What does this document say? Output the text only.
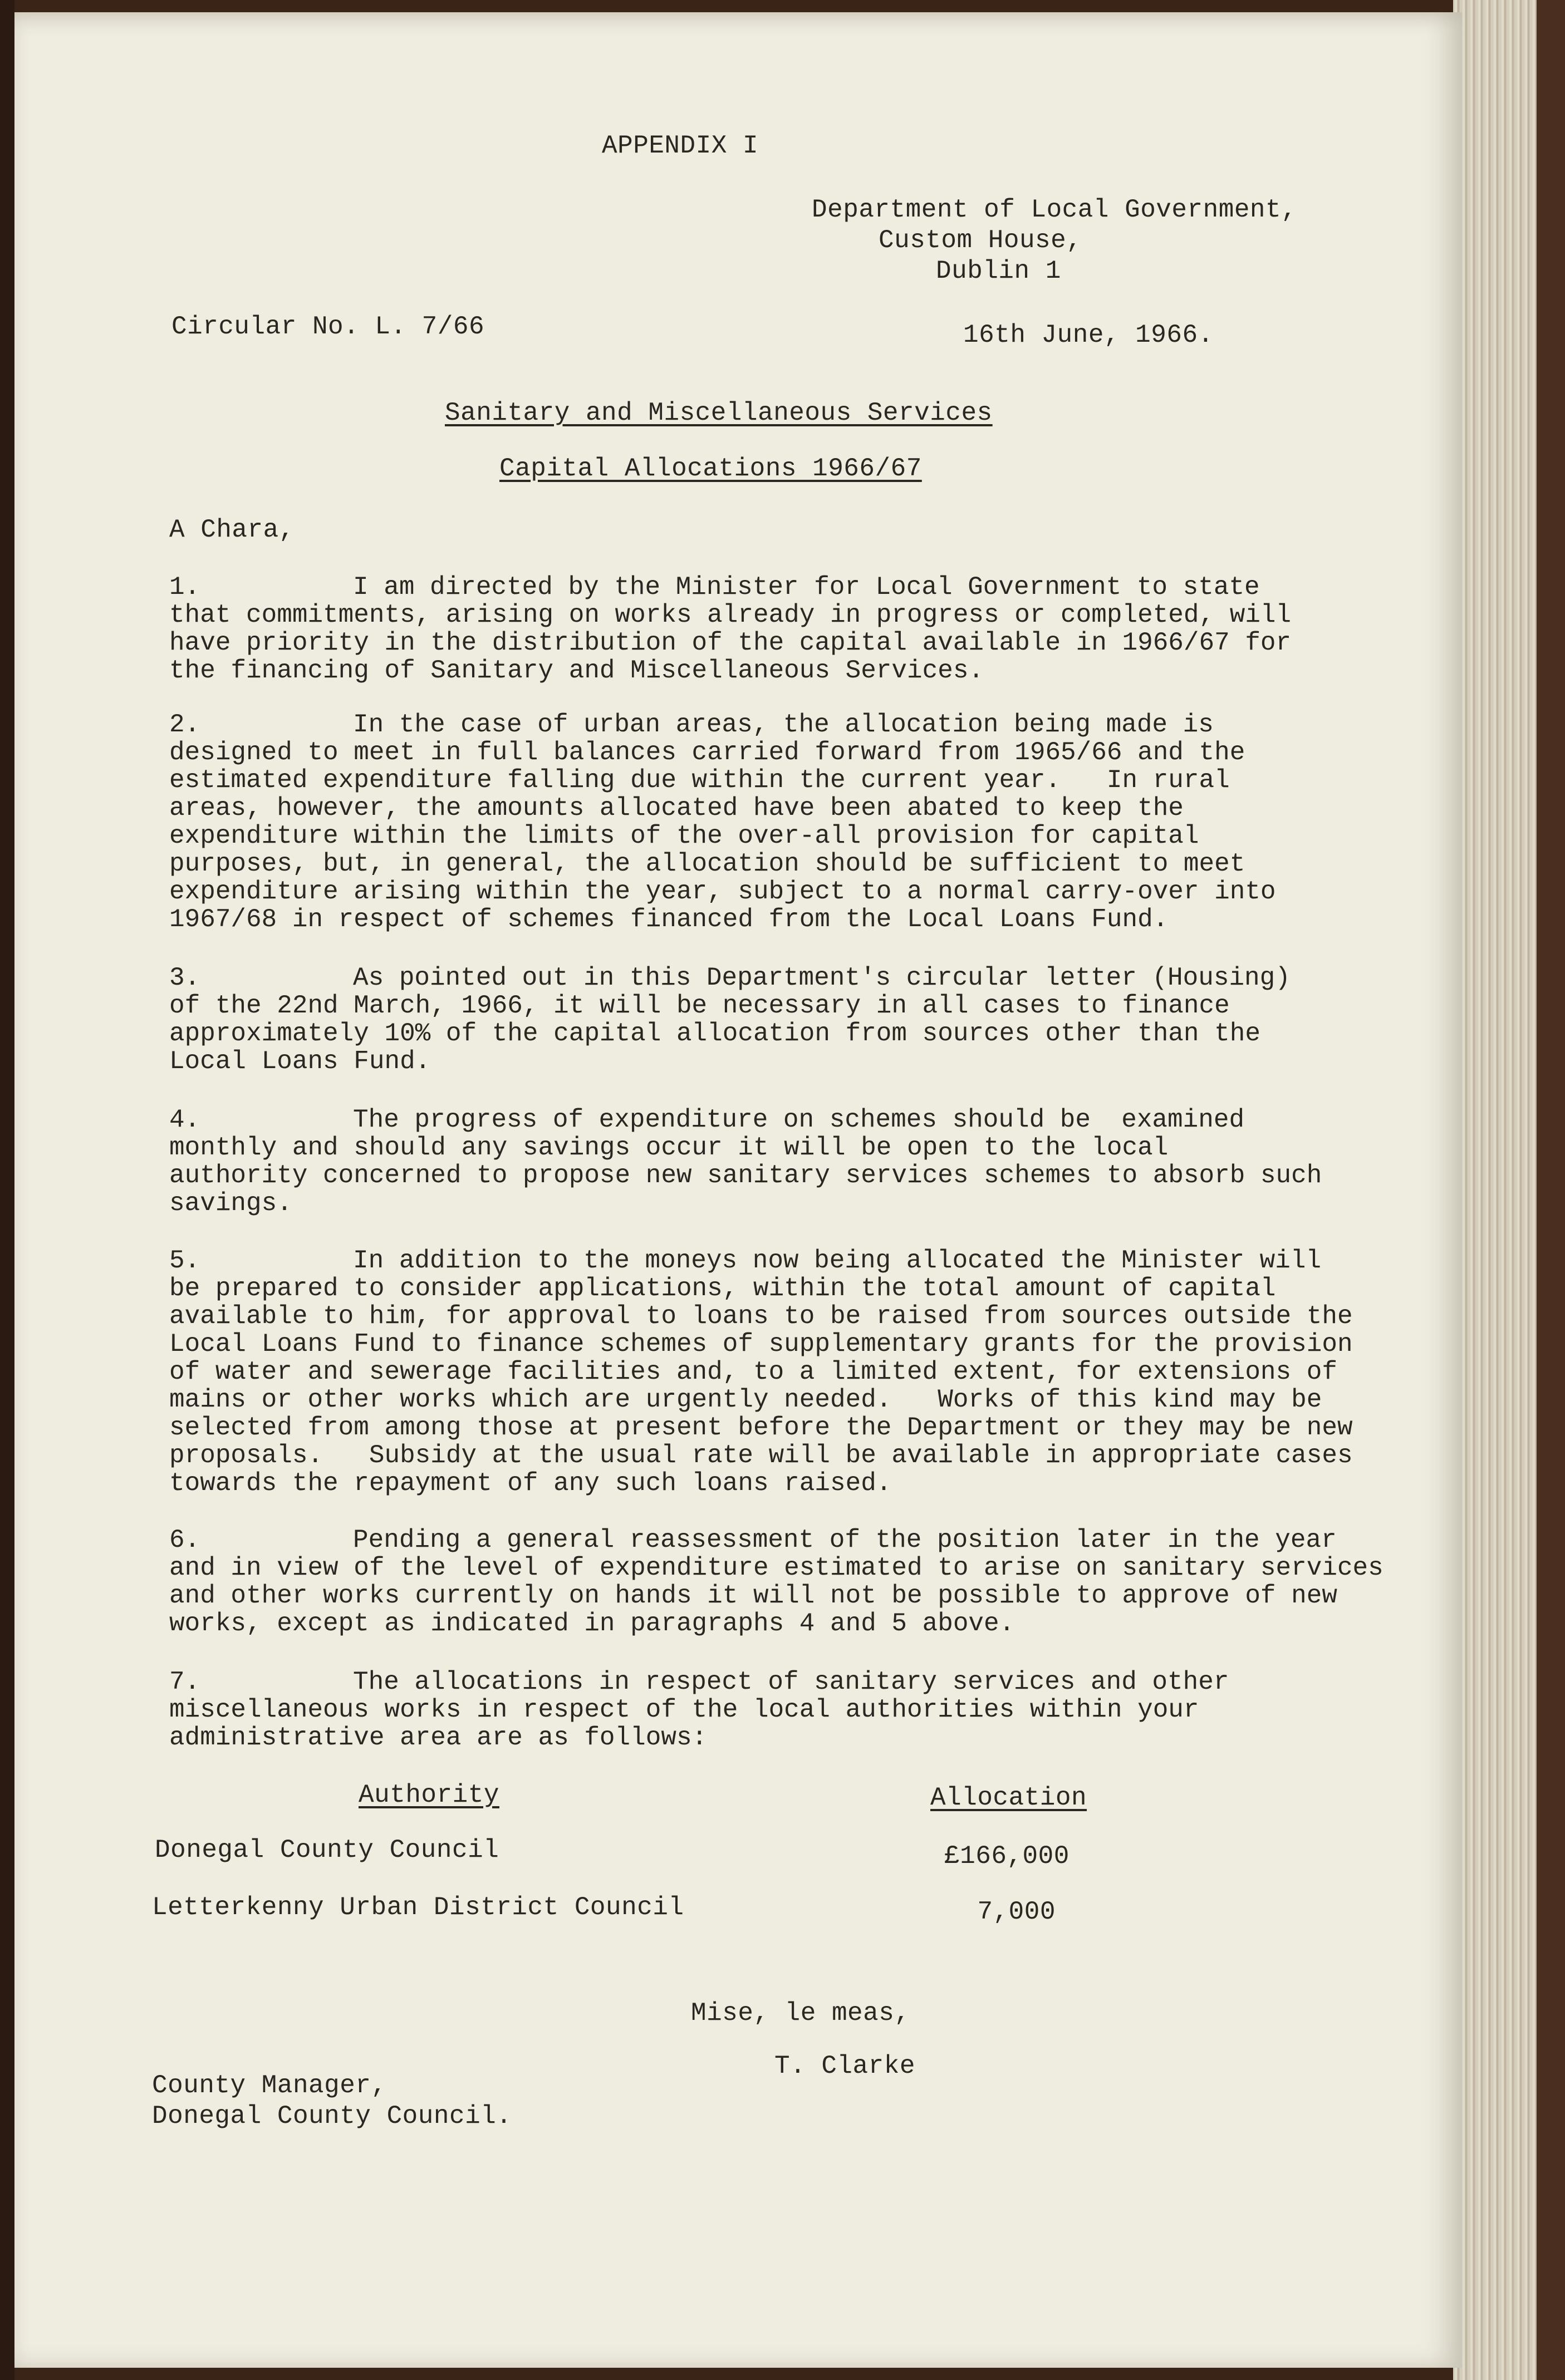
APPENDIX I
Department of Local Government,
Custom House,
Dublin 1
Circular No. L. 7/66	16th June, 1966.
Sanitary and Miscellaneous Services
Capital Allocations 1966/67
A Chara,
1.	I am directed by the Minister for Local Government to state
that commitments, arising on works already in progress or completed, will
have priority in the distribution of the capital available in 1966/67 for
the financing of Sanitary and Miscellaneous Services.
2.	In the case of urban areas, the allocation being made is
designed to meet in full balances carried forward from 1965/66 and the
estimated expenditure falling due within the current year.   In rural
areas, however, the amounts allocated have been abated to keep the
expenditure within the limits of the over-all provision for capital
purposes, but, in general, the allocation should be sufficient to meet
expenditure arising within the year, subject to a normal carry-over into
1967/68 in respect of schemes financed from the Local Loans Fund.
3.	As pointed out in this Department's circular letter (Housing)
of the 22nd March, 1966, it will be necessary in all cases to finance
approximately 10% of the capital allocation from sources other than the
Local Loans Fund.
4.	The progress of expenditure on schemes should be  examined
monthly and should any savings occur it will be open to the local
authority concerned to propose new sanitary services schemes to absorb such
savings.
5.	In addition to the moneys now being allocated the Minister will
be prepared to consider applications, within the total amount of capital
available to him, for approval to loans to be raised from sources outside the
Local Loans Fund to finance schemes of supplementary grants for the provision
of water and sewerage facilities and, to a limited extent, for extensions of
mains or other works which are urgently needed.   Works of this kind may be
selected from among those at present before the Department or they may be new
proposals.   Subsidy at the usual rate will be available in appropriate cases
towards the repayment of any such loans raised.
6.	Pending a general reassessment of the position later in the year
and in view of the level of expenditure estimated to arise on sanitary services
and other works currently on hands it will not be possible to approve of new
works, except as indicated in paragraphs 4 and 5 above.
7.	The allocations in respect of sanitary services and other
miscellaneous works in respect of the local authorities within your
administrative area are as follows:
Authority	Allocation
Donegal County Council	£166,000
Letterkenny Urban District Council	7,000
Mise, le meas,
T. Clarke
County Manager,
Donegal County Council.
